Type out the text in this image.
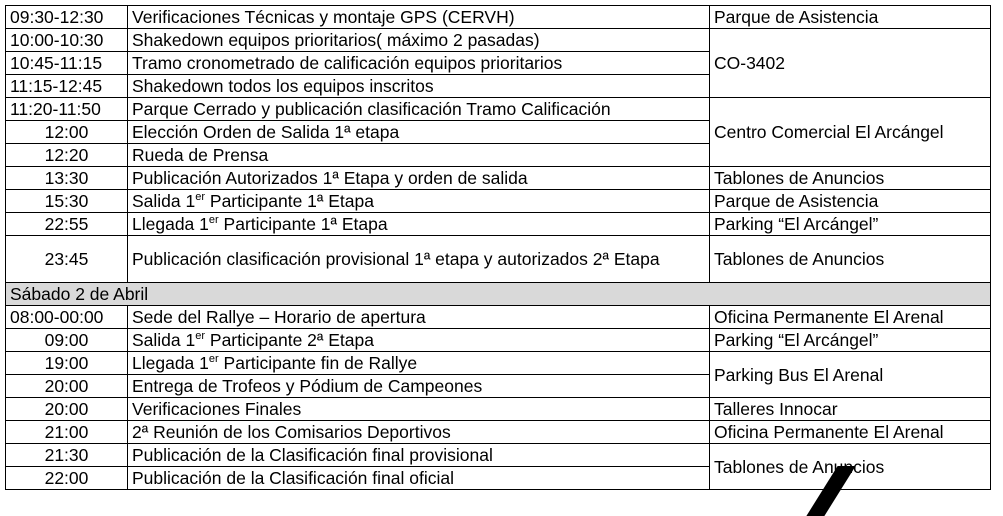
09:30-12:30	Verificaciones Técnicas y montaje GPS (CERVH)	Parque de Asistencia
10:00-10:30	Shakedown equipos prioritarios( máximo 2 pasadas)	CO-3402
10:45-11:15	Tramo cronometrado de calificación equipos prioritarios	
11:15-12:45	Shakedown todos los equipos inscritos	
11:20-11:50	Parque Cerrado y publicación clasificación Tramo Calificación	Centro Comercial El Arcángel
12:00	Elección Orden de Salida 1ª etapa	
12:20	Rueda de Prensa	
13:30	Publicación Autorizados 1ª Etapa y orden de salida	Tablones de Anuncios
15:30	Salida 1er Participante 1ª Etapa	Parque de Asistencia
22:55	Llegada 1er Participante 1ª Etapa	Parking “El Arcángel”
23:45	Publicación clasificación provisional 1ª etapa y autorizados 2ª Etapa	Tablones de Anuncios
Sábado 2 de Abril		
08:00-00:00	Sede del Rallye – Horario de apertura	Oficina Permanente El Arenal
09:00	Salida 1er Participante 2ª Etapa	Parking “El Arcángel”
19:00	Llegada 1er Participante fin de Rallye	Parking Bus El Arenal
20:00	Entrega de Trofeos y Pódium de Campeones	
20:00	Verificaciones Finales	Talleres Innocar
21:00	2ª Reunión de los Comisarios Deportivos	Oficina Permanente El Arenal
21:30	Publicación de la Clasificación final provisional	Tablones de Anuncios
22:00	Publicación de la Clasificación final oficial	
